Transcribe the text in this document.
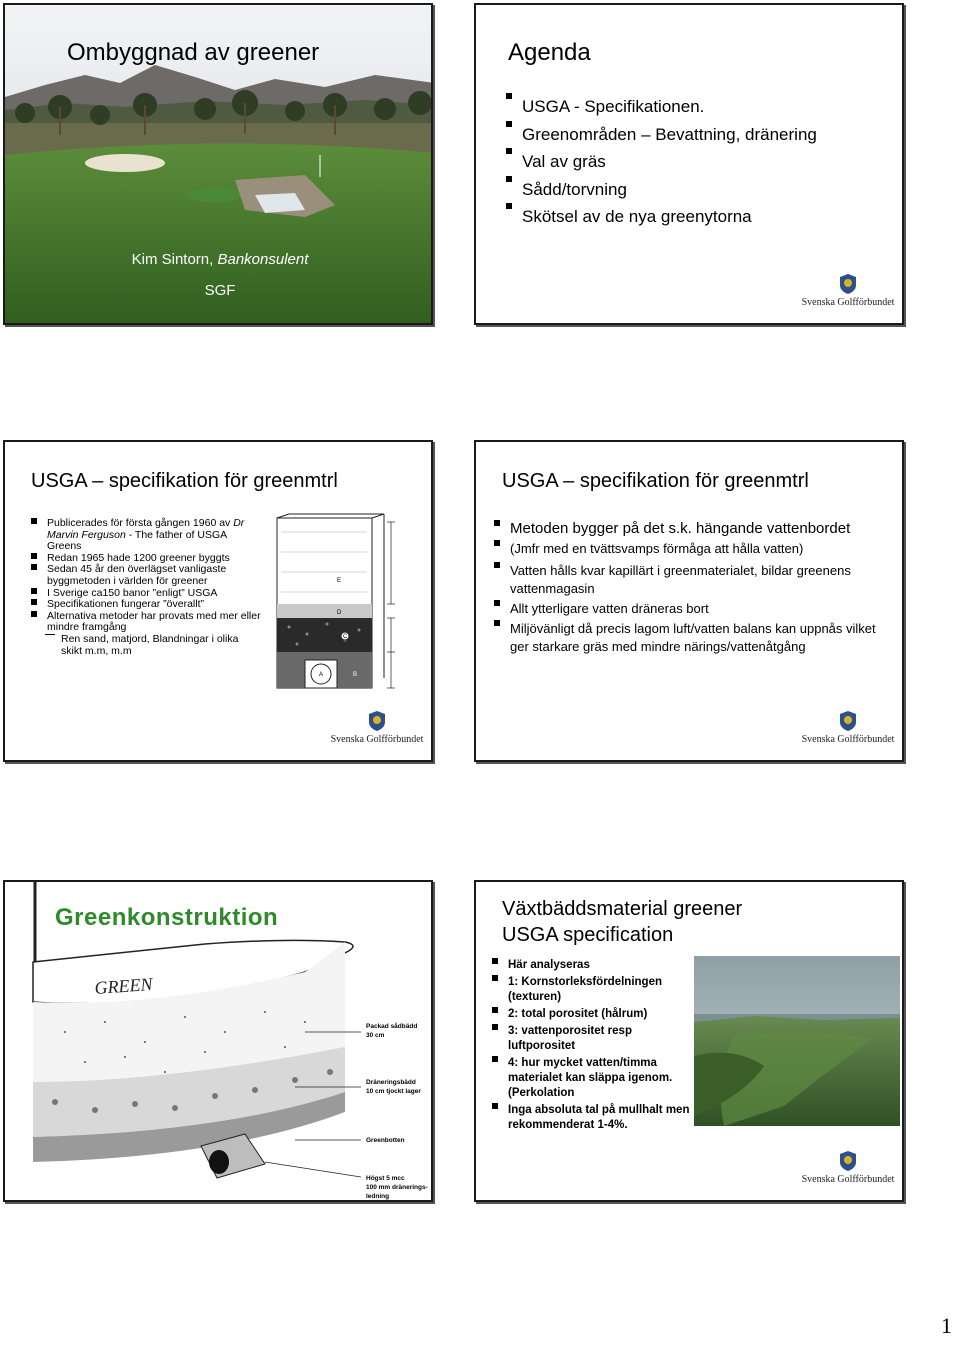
Ombyggnad av greener
Kim Sintorn, Bankonsulent
SGF
Agenda
USGA - Specifikationen.
Greenområden – Bevattning, dränering
Val av gräs
Sådd/torvning
Skötsel av de nya greenytorna
Svenska Golfförbundet
USGA – specifikation för greenmtrl
Publicerades för första gången 1960 av Dr Marvin Ferguson - The father of USGA Greens
Redan 1965 hade 1200 greener byggts
Sedan 45 år den överlägset vanligaste byggmetoden i världen för greener
I Sverige ca150 banor ”enligt” USGA
Specifikationen fungerar ”överallt”
Alternativa metoder har provats med mer eller mindre framgång
Ren sand, matjord, Blandningar i olika skikt m.m, m.m
E
D
C
A	B
Svenska Golfförbundet
USGA – specifikation för greenmtrl
Metoden bygger på det s.k. hängande vattenbordet
(Jmfr med en tvättsvamps förmåga att hålla vatten)
Vatten hålls kvar kapillärt i greenmaterialet, bildar greenens vattenmagasin
Allt ytterligare vatten dräneras bort
Miljövänligt då precis lagom luft/vatten balans kan uppnås vilket ger starkare gräs med mindre närings/vattenåtgång
Svenska Golfförbundet
Greenkonstruktion
GREEN
Packad sådbädd
30 cm
Dräneringsbädd
10 cm tjockt lager
Greenbotten
Högst 5 mcc
100 mm dränerings-
ledning
Växtbäddsmaterial greener
USGA specification
Här analyseras
1: Kornstorleksfördelningen (texturen)
2: total porositet (hålrum)
3: vattenporositet resp luftporositet
4: hur mycket vatten/timma materialet kan släppa igenom. (Perkolation
Inga absoluta tal på mullhalt men rekommenderat 1-4%.
Svenska Golfförbundet
1
